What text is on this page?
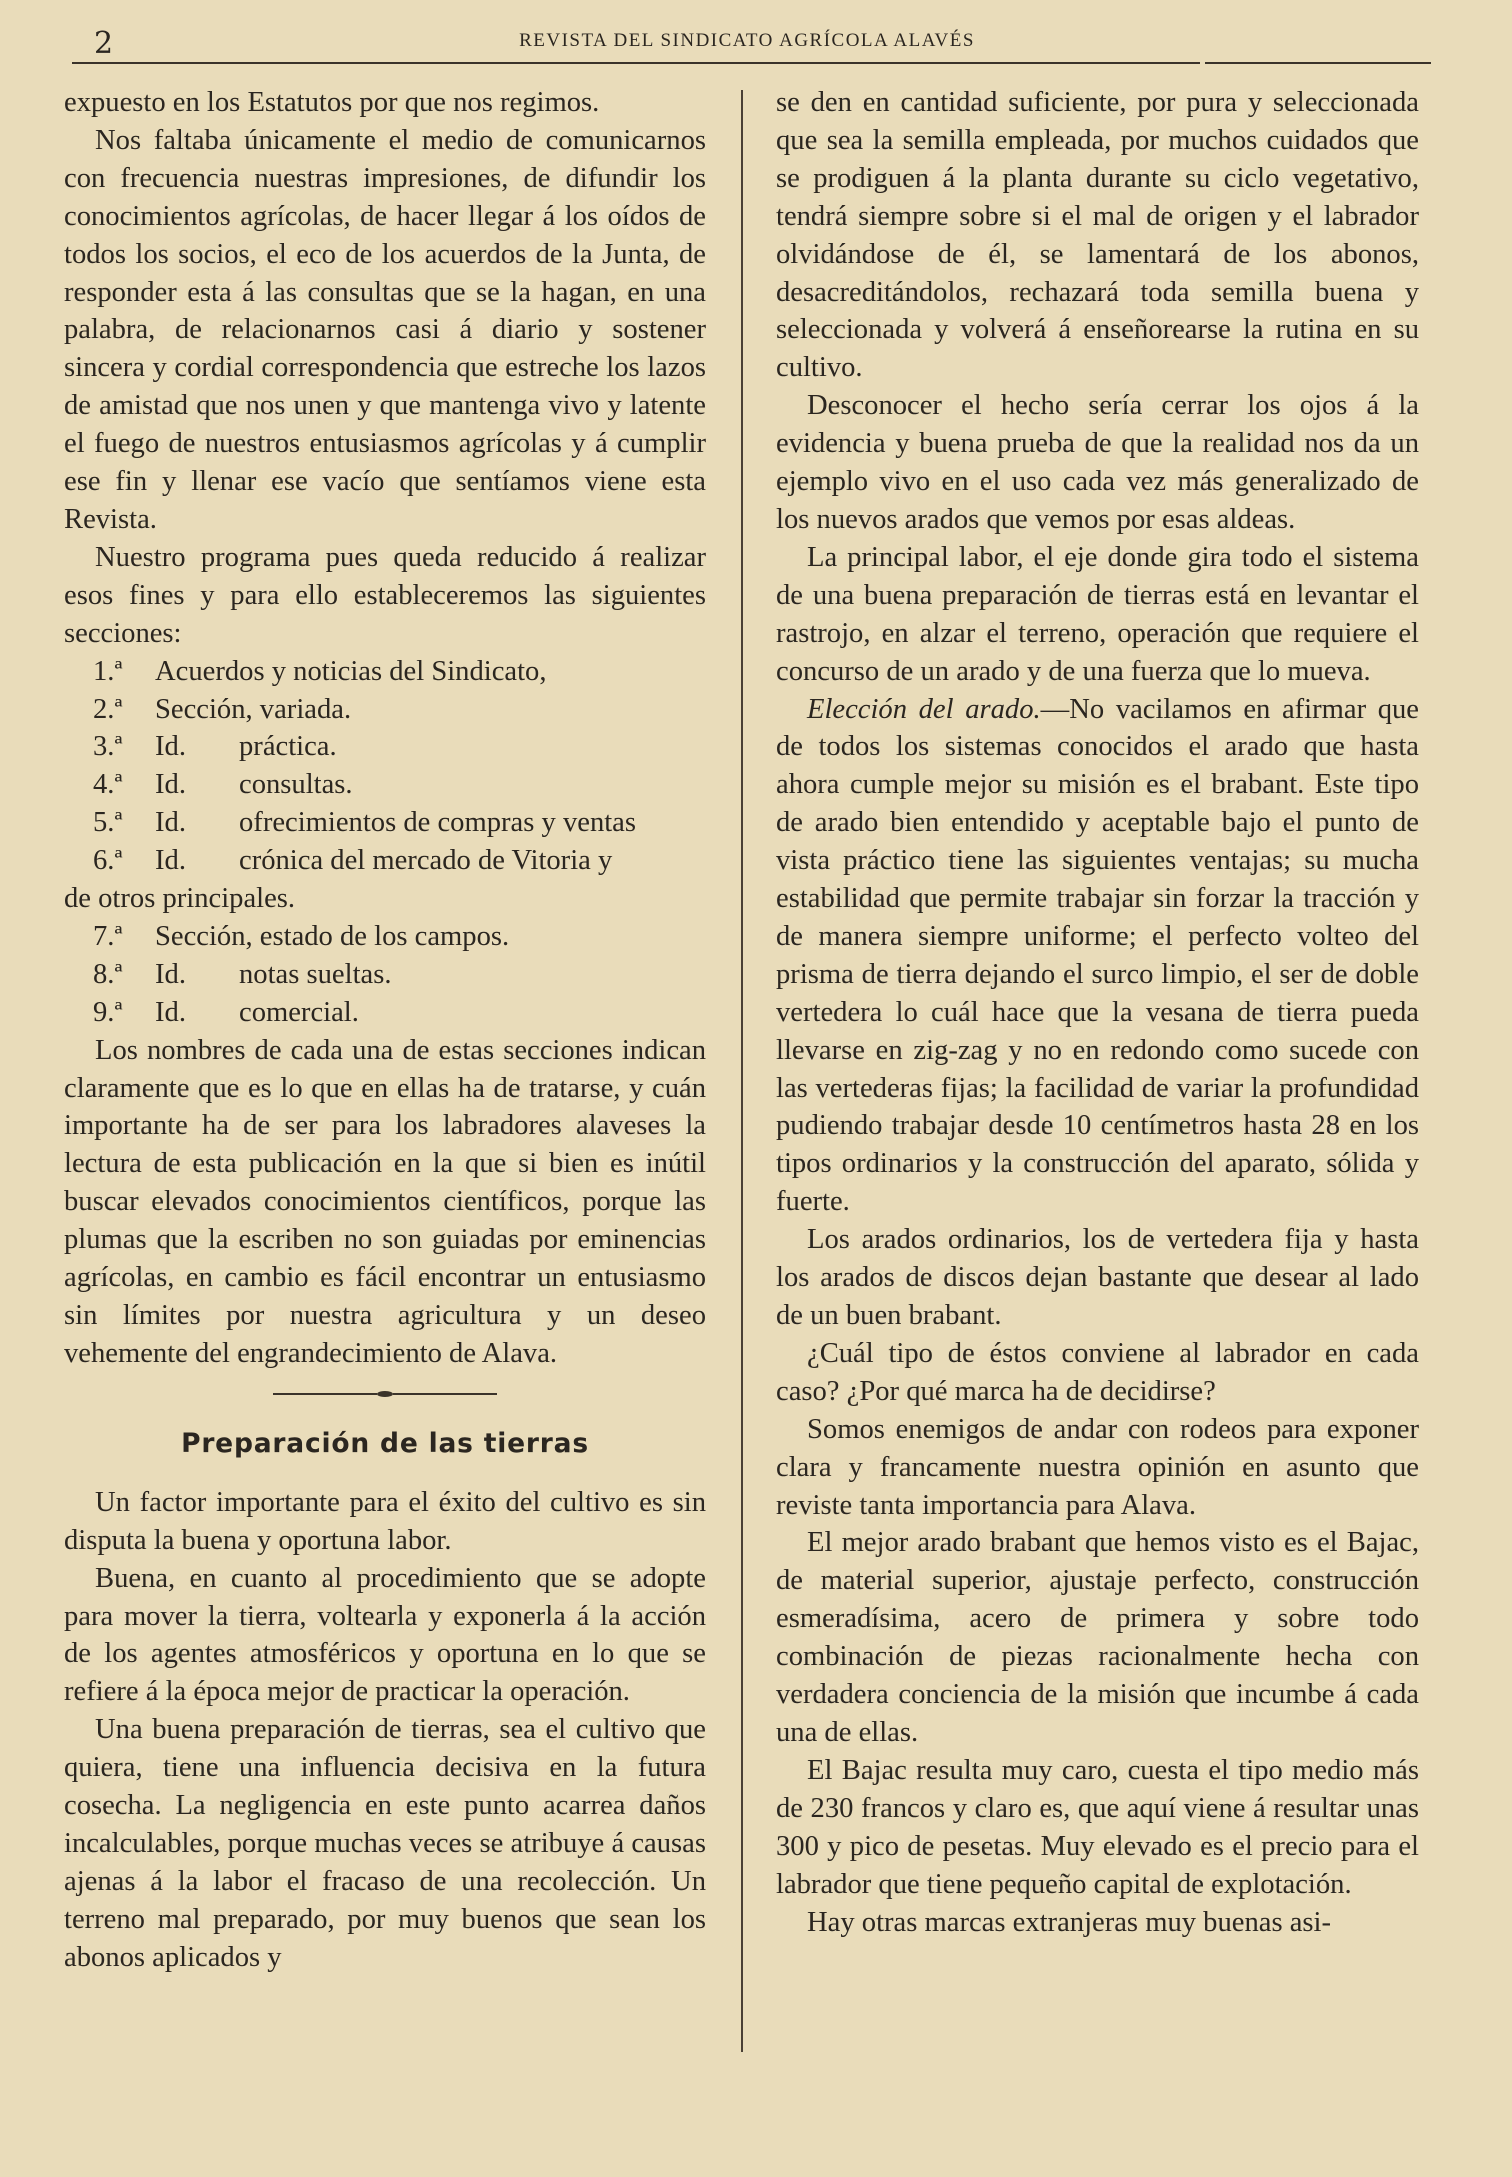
2	REVISTA DEL SINDICATO AGRÍCOLA ALAVÉS

expuesto en los Estatutos por que nos regimos.

Nos faltaba únicamente el medio de comunicarnos con frecuencia nuestras impresiones, de difundir los conocimientos agrícolas, de hacer llegar á los oídos de todos los socios, el eco de los acuerdos de la Junta, de responder esta á las consultas que se la hagan, en una palabra, de relacionarnos casi á diario y sostener sincera y cordial correspondencia que estreche los lazos de amistad que nos unen y que mantenga vivo y latente el fuego de nuestros entusiasmos agrícolas y á cumplir ese fin y llenar ese vacío que sentíamos viene esta Revista.

Nuestro programa pues queda reducido á realizar esos fines y para ello estableceremos las siguientes secciones:

1.ª	Acuerdos y noticias del Sindicato,
2.ª	Sección, variada.
3.ª	Id.	práctica.
4.ª	Id.	consultas.
5.ª	Id.	ofrecimientos de compras y ventas
6.ª	Id.	crónica del mercado de Vitoria y
de otros principales.
7.ª	Sección, estado de los campos.
8.ª	Id.	notas sueltas.
9.ª	Id.	comercial.

Los nombres de cada una de estas secciones indican claramente que es lo que en ellas ha de tratarse, y cuán importante ha de ser para los labradores alaveses la lectura de esta publicación en la que si bien es inútil buscar elevados conocimientos científicos, porque las plumas que la escriben no son guiadas por eminencias agrícolas, en cambio es fácil encontrar un entusiasmo sin límites por nuestra agricultura y un deseo vehemente del engrandecimiento de Alava.

Preparación de las tierras

Un factor importante para el éxito del cultivo es sin disputa la buena y oportuna labor.

Buena, en cuanto al procedimiento que se adopte para mover la tierra, voltearla y exponerla á la acción de los agentes atmosféricos y oportuna en lo que se refiere á la época mejor de practicar la operación.

Una buena preparación de tierras, sea el cultivo que quiera, tiene una influencia decisiva en la futura cosecha. La negligencia en este punto acarrea daños incalculables, porque muchas veces se atribuye á causas ajenas á la labor el fracaso de una recolección. Un terreno mal preparado, por muy buenos que sean los abonos aplicados y

se den en cantidad suficiente, por pura y seleccionada que sea la semilla empleada, por muchos cuidados que se prodiguen á la planta durante su ciclo vegetativo, tendrá siempre sobre si el mal de origen y el labrador olvidándose de él, se lamentará de los abonos, desacreditándolos, rechazará toda semilla buena y seleccionada y volverá á enseñorearse la rutina en su cultivo.

Desconocer el hecho sería cerrar los ojos á la evidencia y buena prueba de que la realidad nos da un ejemplo vivo en el uso cada vez más generalizado de los nuevos arados que vemos por esas aldeas.

La principal labor, el eje donde gira todo el sistema de una buena preparación de tierras está en levantar el rastrojo, en alzar el terreno, operación que requiere el concurso de un arado y de una fuerza que lo mueva.

Elección del arado.—No vacilamos en afirmar que de todos los sistemas conocidos el arado que hasta ahora cumple mejor su misión es el brabant. Este tipo de arado bien entendido y aceptable bajo el punto de vista práctico tiene las siguientes ventajas; su mucha estabilidad que permite trabajar sin forzar la tracción y de manera siempre uniforme; el perfecto volteo del prisma de tierra dejando el surco limpio, el ser de doble vertedera lo cuál hace que la vesana de tierra pueda llevarse en zig-zag y no en redondo como sucede con las vertederas fijas; la facilidad de variar la profundidad pudiendo trabajar desde 10 centímetros hasta 28 en los tipos ordinarios y la construcción del aparato, sólida y fuerte.

Los arados ordinarios, los de vertedera fija y hasta los arados de discos dejan bastante que desear al lado de un buen brabant.

¿Cuál tipo de éstos conviene al labrador en cada caso? ¿Por qué marca ha de decidirse?

Somos enemigos de andar con rodeos para exponer clara y francamente nuestra opinión en asunto que reviste tanta importancia para Alava.

El mejor arado brabant que hemos visto es el Bajac, de material superior, ajustaje perfecto, construcción esmeradísima, acero de primera y sobre todo combinación de piezas racionalmente hecha con verdadera conciencia de la misión que incumbe á cada una de ellas.

El Bajac resulta muy caro, cuesta el tipo medio más de 230 francos y claro es, que aquí viene á resultar unas 300 y pico de pesetas. Muy elevado es el precio para el labrador que tiene pequeño capital de explotación.

Hay otras marcas extranjeras muy buenas asi-
